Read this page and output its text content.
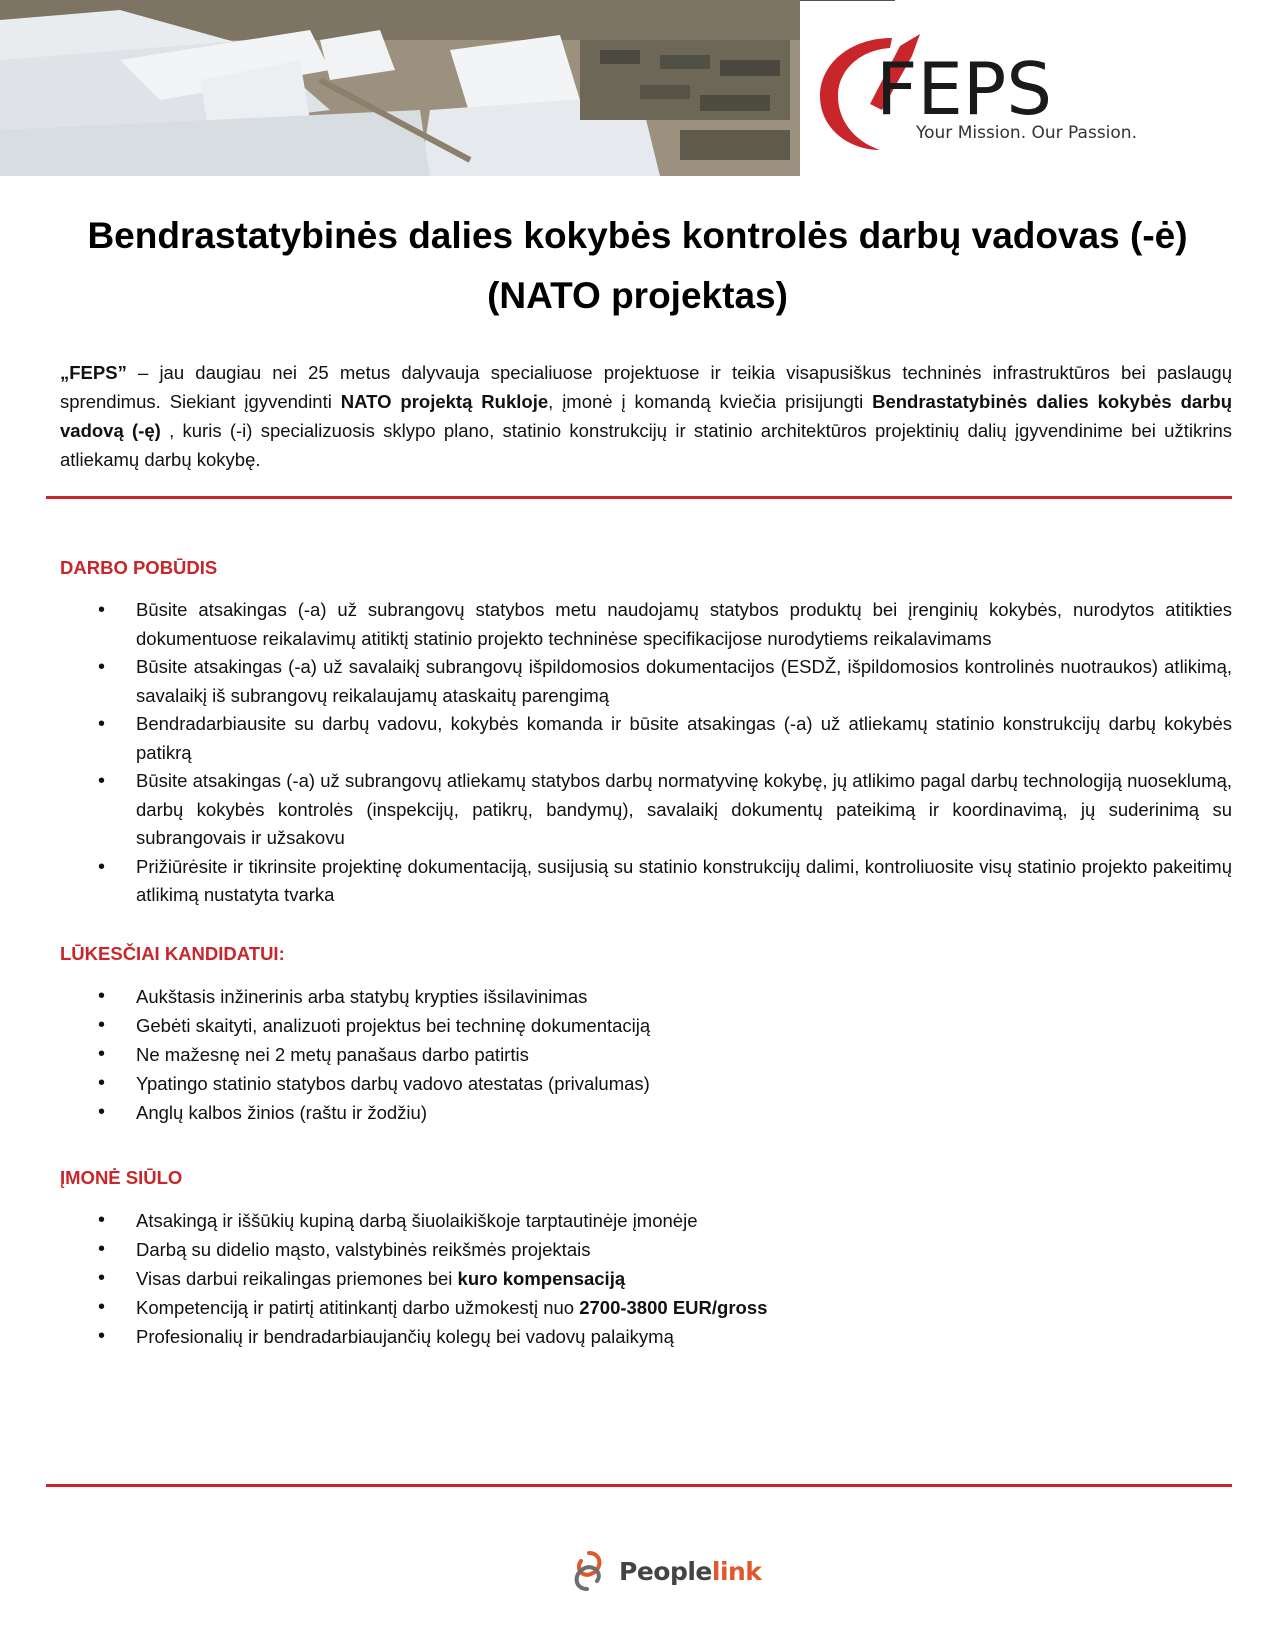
FEPS
Your Mission. Our Passion.
Bendrastatybinės dalies kokybės kontrolės darbų vadovas (-ė)
(NATO projektas)

„FEPS” – jau daugiau nei 25 metus dalyvauja specialiuose projektuose ir teikia visapusiškus techninės infrastruktūros bei paslaugų sprendimus. Siekiant įgyvendinti NATO projektą Rukloje, įmonė į komandą kviečia prisijungti Bendrastatybinės dalies kokybės darbų vadovą (-ę) , kuris (-i) specializuosis sklypo plano, statinio konstrukcijų ir statinio architektūros projektinių dalių įgyvendinime bei užtikrins atliekamų darbų kokybę.

DARBO POBŪDIS
• Būsite atsakingas (-a) už subrangovų statybos metu naudojamų statybos produktų bei įrenginių kokybės, nurodytos atitikties dokumentuose reikalavimų atitiktį statinio projekto techninėse specifikacijose nurodytiems reikalavimams
• Būsite atsakingas (-a) už savalaikį subrangovų išpildomosios dokumentacijos (ESDŽ, išpildomosios kontrolinės nuotraukos) atlikimą, savalaikį iš subrangovų reikalaujamų ataskaitų parengimą
• Bendradarbiausite su darbų vadovu, kokybės komanda ir būsite atsakingas (-a) už atliekamų statinio konstrukcijų darbų kokybės patikrą
• Būsite atsakingas (-a) už subrangovų atliekamų statybos darbų normatyvinę kokybę, jų atlikimo pagal darbų technologiją nuoseklumą, darbų kokybės kontrolės (inspekcijų, patikrų, bandymų), savalaikį dokumentų pateikimą ir koordinavimą, jų suderinimą su subrangovais ir užsakovu
• Prižiūrėsite ir tikrinsite projektinę dokumentaciją, susijusią su statinio konstrukcijų dalimi, kontroliuosite visų statinio projekto pakeitimų atlikimą nustatyta tvarka
LŪKESČIAI KANDIDATUI:
• Aukštasis inžinerinis arba statybų krypties išsilavinimas
• Gebėti skaityti, analizuoti projektus bei techninę dokumentaciją
• Ne mažesnę nei 2 metų panašaus darbo patirtis
• Ypatingo statinio statybos darbų vadovo atestatas (privalumas)
• Anglų kalbos žinios (raštu ir žodžiu)
ĮMONĖ SIŪLO
• Atsakingą ir iššūkių kupiną darbą šiuolaikiškoje tarptautinėje įmonėje
• Darbą su didelio mąsto, valstybinės reikšmės projektais
• Visas darbui reikalingas priemones bei kuro kompensaciją
• Kompetenciją ir patirtį atitinkantį darbo užmokestį nuo 2700-3800 EUR/gross
• Profesionalių ir bendradarbiaujančių kolegų bei vadovų palaikymą
Peoplelink
